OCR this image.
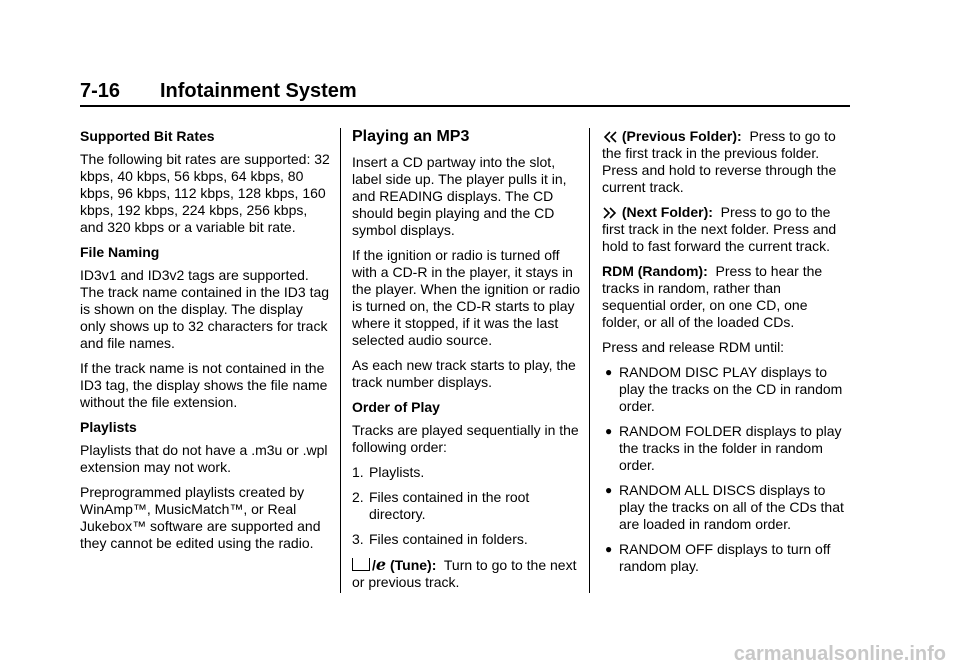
7-16 Infotainment System

Supported Bit Rates

The following bit rates are supported: 32 kbps, 40 kbps, 56 kbps, 64 kbps, 80 kbps, 96 kbps, 112 kbps, 128 kbps, 160 kbps, 192 kbps, 224 kbps, 256 kbps, and 320 kbps or a variable bit rate.

File Naming

ID3v1 and ID3v2 tags are supported. The track name contained in the ID3 tag is shown on the display. The display only shows up to 32 characters for track and file names.

If the track name is not contained in the ID3 tag, the display shows the file name without the file extension.

Playlists

Playlists that do not have a .m3u or .wpl extension may not work.

Preprogrammed playlists created by WinAmp™, MusicMatch™, or Real Jukebox™ software are supported and they cannot be edited using the radio.

Playing an MP3

Insert a CD partway into the slot, label side up. The player pulls it in, and READING displays. The CD should begin playing and the CD symbol displays.

If the ignition or radio is turned off with a CD-R in the player, it stays in the player. When the ignition or radio is turned on, the CD-R starts to play where it stopped, if it was the last selected audio source.

As each new track starts to play, the track number displays.

Order of Play

Tracks are played sequentially in the following order:

1. Playlists.
2. Files contained in the root directory.
3. Files contained in folders.

/e (Tune): Turn to go to the next or previous track.

(Previous Folder): Press to go to the first track in the previous folder. Press and hold to reverse through the current track.

(Next Folder): Press to go to the first track in the next folder. Press and hold to fast forward the current track.

RDM (Random): Press to hear the tracks in random, rather than sequential order, on one CD, one folder, or all of the loaded CDs.

Press and release RDM until:

● RANDOM DISC PLAY displays to play the tracks on the CD in random order.
● RANDOM FOLDER displays to play the tracks in the folder in random order.
● RANDOM ALL DISCS displays to play the tracks on all of the CDs that are loaded in random order.
● RANDOM OFF displays to turn off random play.
carmanualsonline.info
